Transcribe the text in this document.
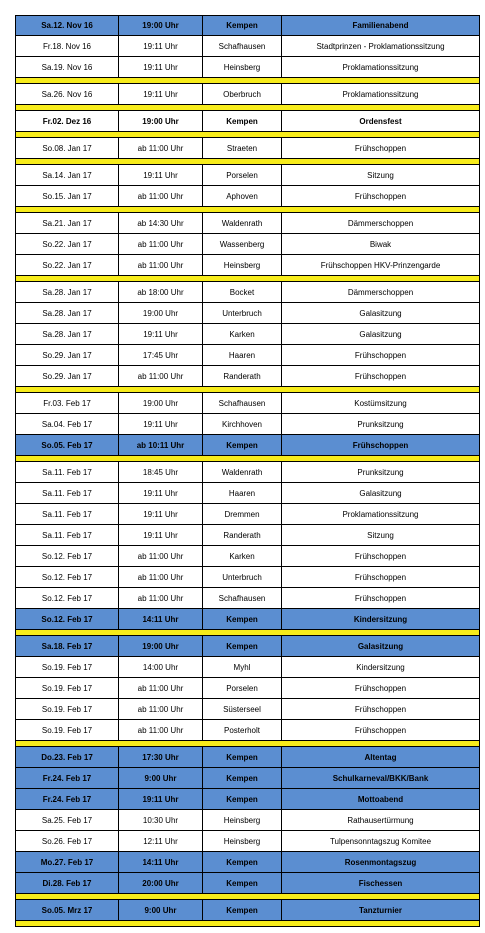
Sa.12. Nov 16	19:00 Uhr	Kempen	Familienabend
Fr.18. Nov 16	19:11 Uhr	Schafhausen	Stadtprinzen - Proklamationssitzung
Sa.19. Nov 16	19:11 Uhr	Heinsberg	Proklamationssitzung
Sa.26. Nov 16	19:11 Uhr	Oberbruch	Proklamationssitzung
Fr.02. Dez 16	19:00 Uhr	Kempen	Ordensfest
So.08. Jan 17	ab 11:00 Uhr	Straeten	Frühschoppen
Sa.14. Jan 17	19:11 Uhr	Porselen	Sitzung
So.15. Jan 17	ab 11:00 Uhr	Aphoven	Frühschoppen
Sa.21. Jan 17	ab 14:30 Uhr	Waldenrath	Dämmerschoppen
So.22. Jan 17	ab 11:00 Uhr	Wassenberg	Biwak
So.22. Jan 17	ab 11:00 Uhr	Heinsberg	Frühschoppen HKV-Prinzengarde
Sa.28. Jan 17	ab 18:00 Uhr	Bocket	Dämmerschoppen
Sa.28. Jan 17	19:00 Uhr	Unterbruch	Galasitzung
Sa.28. Jan 17	19:11 Uhr	Karken	Galasitzung
So.29. Jan 17	17:45 Uhr	Haaren	Frühschoppen
So.29. Jan 17	ab 11:00 Uhr	Randerath	Frühschoppen
Fr.03. Feb 17	19:00 Uhr	Schafhausen	Kostümsitzung
Sa.04. Feb 17	19:11 Uhr	Kirchhoven	Prunksitzung
So.05. Feb 17	ab 10:11 Uhr	Kempen	Frühschoppen
Sa.11. Feb 17	18:45 Uhr	Waldenrath	Prunksitzung
Sa.11. Feb 17	19:11 Uhr	Haaren	Galasitzung
Sa.11. Feb 17	19:11 Uhr	Dremmen	Proklamationssitzung
Sa.11. Feb 17	19:11 Uhr	Randerath	Sitzung
So.12. Feb 17	ab 11:00 Uhr	Karken	Frühschoppen
So.12. Feb 17	ab 11:00 Uhr	Unterbruch	Frühschoppen
So.12. Feb 17	ab 11:00 Uhr	Schafhausen	Frühschoppen
So.12. Feb 17	14:11 Uhr	Kempen	Kindersitzung
Sa.18. Feb 17	19:00 Uhr	Kempen	Galasitzung
So.19. Feb 17	14:00 Uhr	Myhl	Kindersitzung
So.19. Feb 17	ab 11:00 Uhr	Porselen	Frühschoppen
So.19. Feb 17	ab 11:00 Uhr	Süsterseel	Frühschoppen
So.19. Feb 17	ab 11:00 Uhr	Posterholt	Frühschoppen
Do.23. Feb 17	17:30 Uhr	Kempen	Altentag
Fr.24. Feb 17	9:00 Uhr	Kempen	Schulkarneval/BKK/Bank
Fr.24. Feb 17	19:11 Uhr	Kempen	Mottoabend
Sa.25. Feb 17	10:30 Uhr	Heinsberg	Rathausertürmung
So.26. Feb 17	12:11 Uhr	Heinsberg	Tulpensonntagszug Komitee
Mo.27. Feb 17	14:11 Uhr	Kempen	Rosenmontagszug
Di.28. Feb 17	20:00 Uhr	Kempen	Fischessen
So.05. Mrz 17	9:00 Uhr	Kempen	Tanzturnier
